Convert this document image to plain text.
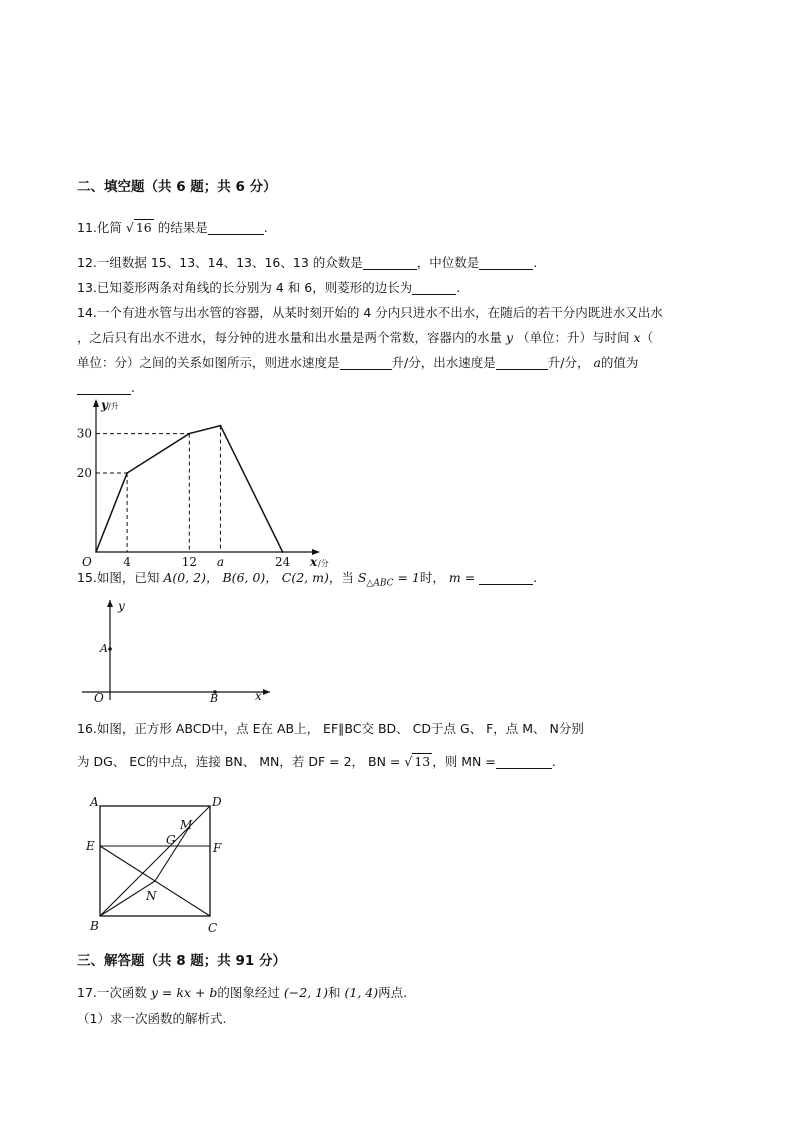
二、填空题（共 6 题；共 6 分）
11.化简 √ 16 的结果是	.
12.一组数据 15、13、14、13、16、13 的众数是	，中位数是	.
13.已知菱形两条对角线的长分别为 4 和 6，则菱形的边长为	.
14.一个有进水管与出水管的容器，从某时刻开始的 4 分内只进水不出水，在随后的若干分内既进水又出水
，之后只有出水不进水，每分钟的进水量和出水量是两个常数，容器内的水量 y （单位：升）与时间 x（
单位：分）之间的关系如图所示，则进水速度是	升/分，出水速度是	升/分， a的值为
.
4	12 a	24
20
30
O
y /升
x /分
15.如图，已知 A(0, 2)， B(6, 0)， C(2, m)，当 $S_{\triangle ABC} = 1$时， m =	.
y
x
A
O	B
16.如图，正方形 ABCD中，点 E在 AB上， EF∥BC交 BD、 CD于点 G、 F，点 M、 N分别
为 DG、 EC的中点，连接 BN、 MN，若 DF = 2， BN = √ 13 ，则 MN =	.
A	D
E	F
B	C
M
G
N
三、解答题（共 8 题；共 91 分）
17.一次函数 y = kx + b的图象经过 (−2, 1)和 (1, 4)两点.
（1）求一次函数的解析式.
